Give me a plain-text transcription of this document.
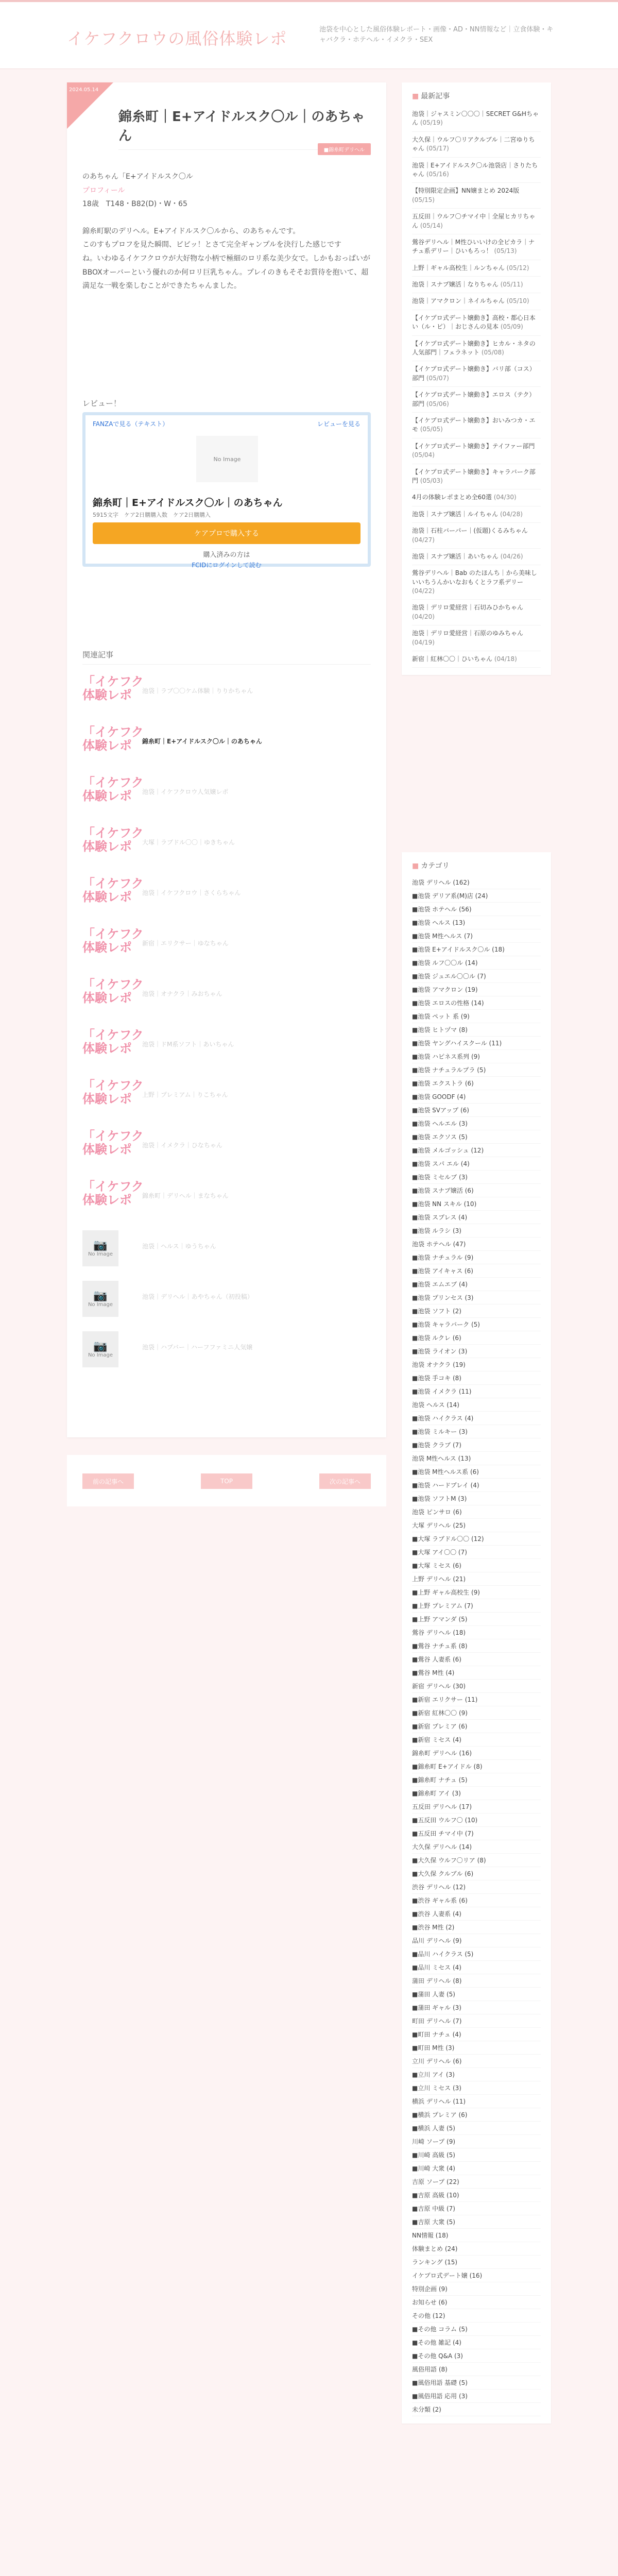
イケフクロウの風俗体験レポ	池袋を中心とした風俗体験レポート・画像・AD・NN情報など｜立食体験・キャバクラ・ホテヘル・イメクラ・SEX
2024.05.14
錦糸町｜E+アイドルスク〇ル｜のあちゃん
■錦糸町デリヘル
のあちゃん「E+アイドルスク〇ル
プロフィール
18歳　T148・B82(D)・W・65
錦糸町駅のデリヘル。E+アイドルスク〇ルから、のあちゃんです。
このすもプロフを見た瞬間、ビビッ！とさて完全ギャンプルを決行した感じです
ね。いわゆるイケフクロウが大好物な小柄で極細のロリ系な美少女で。しかもおっぱいがBBOXオーバーという優れのか何ロリ巨乳ちゃん。プレイのきもそそお質待を抱いて、超満足な一戦を楽しむことができたちゃんました。
レビュー！
FANZAで見る（テキスト）	レビューを見る
No Image
錦糸町｜E+アイドルスク〇ル｜のあちゃん
5915文字　ケア2日購購入数　ケア2日購購入
ケアプロで購入する
購入済みの方は
FCIDにログインして読む
関連記事
「イケフク
体験レポ	池袋｜ラブ〇〇ケム体験｜りりかちゃん
「イケフク
体験レポ	錦糸町｜E+アイドルスク〇ル｜のあちゃん
「イケフク
体験レポ	池袋｜イケフクロウ人気嬢レポ
「イケフク
体験レポ	大塚｜ラブドル〇〇｜ゆきちゃん
「イケフク
体験レポ	池袋｜イケフクロウ｜さくらちゃん
「イケフク
体験レポ	新宿｜エリクサー｜ゆなちゃん
「イケフク
体験レポ	池袋｜オナクラ｜みおちゃん
「イケフク
体験レポ	池袋｜ドM系ソフト｜あいちゃん
「イケフク
体験レポ	上野｜プレミアム｜りこちゃん
「イケフク
体験レポ	池袋｜イメクラ｜ひなちゃん
「イケフク
体験レポ	錦糸町｜デリヘル｜まなちゃん
📷
No Image
池袋｜ヘルス｜ゆうちゃん
📷
No Image
池袋｜デリヘル｜あやちゃん（初投稿）
📷
No Image
池袋｜ハプバー｜ハーフファミニ人気嬢
前の記事へ	TOP	次の記事へ
■ 最新記事
池袋｜ジャスミン〇〇〇｜SECRET G&Hちゃん (05/19)
大久保｜ウルフ〇リアクルブル｜二宮ゆりちゃん (05/17)
池袋｜E+アイドルスク〇ル池袋店｜さりたちゃん (05/16)
【特別限定企画】NN嬢まとめ 2024版 (05/15)
五反田｜ウルフ〇チマイ中｜全屋ヒカリちゃん (05/14)
鶯谷デリヘル｜M性ひいいけの全ピカラ｜ナチュ系デリー｜ひいもろっ！ (05/13)
上野｜ギャル高校生｜ルンちゃん (05/12)
池袋｜スナプ嬢活｜なりちゃん (05/11)
池袋｜アマクロン｜ネイルちゃん (05/10)
【イケプロ式デート嬢動き】高校・都心日本 い（ル・ビ）｜おじさんの見本 (05/09)
【イケプロ式デート嬢動き】ヒカル・ネタの人気部門｜フェラネット (05/08)
【イケプロ式デート嬢動き】バリ部（コス）部門 (05/07)
【イケプロ式デート嬢動き】エロス（テク）部門 (05/06)
【イケプロ式デート嬢動き】おいみつカ・エモ (05/05)
【イケプロ式デート嬢動き】テイファー部門 (05/04)
【イケプロ式デート嬢動き】キャラバーク部門 (05/03)
4月の体験レポまとめ全60選 (04/30)
池袋｜スナプ嬢活｜ルイちゃん (04/28)
池袋｜石柱バーパー｜(仮題)くるみちゃん (04/27)
池袋｜スナプ嬢活｜あいちゃん (04/26)
鶯谷デリヘル｜Bab のたほんち｜から美味しいいちうんかいなおもくとラフ系デリー (04/22)
池袋｜デリロ愛経営｜石切みひかちゃん (04/20)
池袋｜デリロ愛経営｜石原のゆみちゃん (04/19)
新宿｜紅林〇〇｜ひいちゃん (04/18)
■ カテゴリ
池袋 デリヘル (162)
■池袋 デリア系(M)店 (24)
■池袋 ホテヘル (56)
■池袋 ヘルス (13)
■池袋 M性ヘルス (7)
■池袋 E+アイドルスク〇ル (18)
■池袋 ルフ〇〇ル (14)
■池袋 ジュエル〇〇ル (7)
■池袋 アマクロン (19)
■池袋 エロスの性格 (14)
■池袋 ペット 系 (9)
■池袋 ヒトヅマ (8)
■池袋 ヤングハイスクール (11)
■池袋 ハピネス系列 (9)
■池袋 ナチュラルプラ (5)
■池袋 エクストラ (6)
■池袋 GOODF (4)
■池袋 SVアップ (6)
■池袋 ヘルエル (3)
■池袋 エクソス (5)
■池袋 メルゴッシュ (12)
■池袋 スパ エル (4)
■池袋 ミセルブ (3)
■池袋 スナプ嬢活 (6)
■池袋 NN スキル (10)
■池袋 スプレス (4)
■池袋 ルラシ (3)
池袋 ホテヘル (47)
■池袋 ナチュラル (9)
■池袋 アイキャス (6)
■池袋 エムエブ (4)
■池袋 プリンセス (3)
■池袋 ソフト (2)
■池袋 キャラバーク (5)
■池袋 ルクレ (6)
■池袋 ライオン (3)
池袋 オナクラ (19)
■池袋 手コキ (8)
■池袋 イメクラ (11)
池袋 ヘルス (14)
■池袋 ハイクラス (4)
■池袋 ミルキー (3)
■池袋 クラブ (7)
池袋 M性ヘルス (13)
■池袋 M性ヘルス系 (6)
■池袋 ハードプレイ (4)
■池袋 ソフトM (3)
池袋 ピンサロ (6)
大塚 デリヘル (25)
■大塚 ラブドル〇〇 (12)
■大塚 アイ〇〇 (7)
■大塚 ミセス (6)
上野 デリヘル (21)
■上野 ギャル高校生 (9)
■上野 プレミアム (7)
■上野 アマンダ (5)
鶯谷 デリヘル (18)
■鶯谷 ナチュ系 (8)
■鶯谷 人妻系 (6)
■鶯谷 M性 (4)
新宿 デリヘル (30)
■新宿 エリクサー (11)
■新宿 紅林〇〇 (9)
■新宿 プレミア (6)
■新宿 ミセス (4)
錦糸町 デリヘル (16)
■錦糸町 E+アイドル (8)
■錦糸町 ナチュ (5)
■錦糸町 アイ (3)
五反田 デリヘル (17)
■五反田 ウルフ〇 (10)
■五反田 チマイ中 (7)
大久保 デリヘル (14)
■大久保 ウルフ〇リア (8)
■大久保 クルブル (6)
渋谷 デリヘル (12)
■渋谷 ギャル系 (6)
■渋谷 人妻系 (4)
■渋谷 M性 (2)
品川 デリヘル (9)
■品川 ハイクラス (5)
■品川 ミセス (4)
蒲田 デリヘル (8)
■蒲田 人妻 (5)
■蒲田 ギャル (3)
町田 デリヘル (7)
■町田 ナチュ (4)
■町田 M性 (3)
立川 デリヘル (6)
■立川 アイ (3)
■立川 ミセス (3)
横浜 デリヘル (11)
■横浜 プレミア (6)
■横浜 人妻 (5)
川崎 ソープ (9)
■川崎 高級 (5)
■川崎 大衆 (4)
吉原 ソープ (22)
■吉原 高級 (10)
■吉原 中級 (7)
■吉原 大衆 (5)
NN情報 (18)
体験まとめ (24)
ランキング (15)
イケプロ式デート嬢 (16)
特別企画 (9)
お知らせ (6)
その他 (12)
■その他 コラム (5)
■その他 雑記 (4)
■その他 Q&A (3)
風俗用語 (8)
■風俗用語 基礎 (5)
■風俗用語 応用 (3)
未分類 (2)
